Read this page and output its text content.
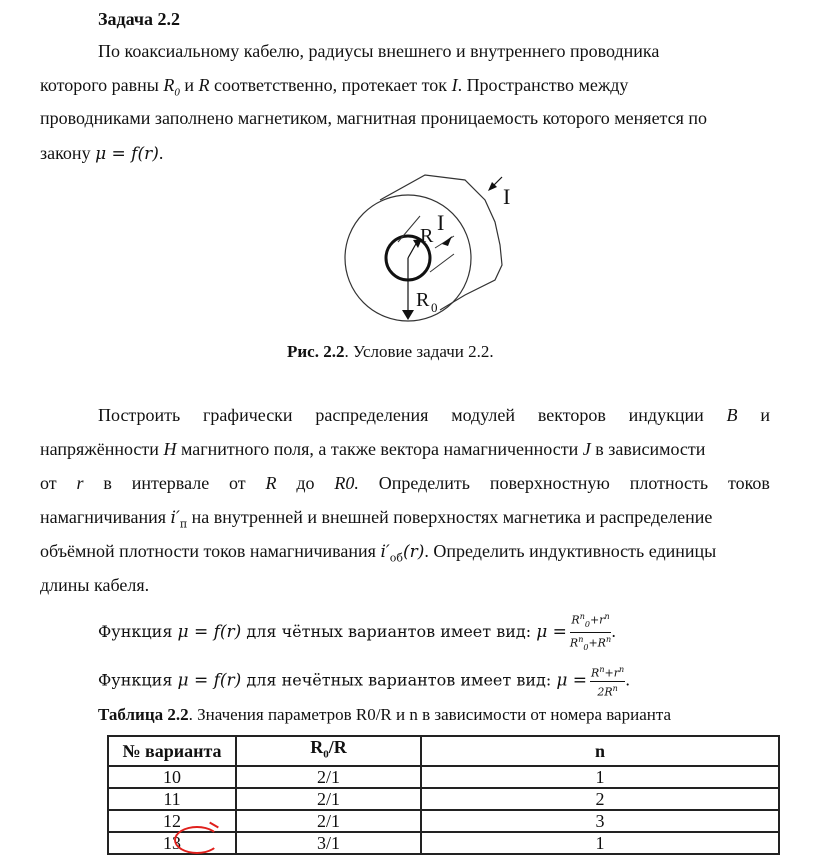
Задача 2.2
По коаксиальному кабелю, радиусы внешнего и внутреннего проводника
которого равны $R_0$ и R соответственно, протекает ток I. Пространство между
проводниками заполнено магнетиком, магнитная проницаемость которого меняется по
закону μ = f(r).
I
I
R
R 0
Рис. 2.2. Условие задачи 2.2.
Построить графически распределения модулей векторов индукции B и
напряжённости H магнитного поля, а также вектора намагниченности J в зависимости
от r в интервале от R до R0. Определить поверхностную плотность токов
намагничивания $i'_п$ на внутренней и внешней поверхностях магнетика и распределение
объёмной плотности токов намагничивания $i'_{об}(r)$. Определить индуктивность единицы
длины кабеля.
Функция μ = f(r) для чётных вариантов имеет вид: $\mu = \frac{R^n_0+r^n}{R^n_0+R^n}$ .
Функция μ = f(r) для нечётных вариантов имеет вид: $\mu = \frac{R^n+r^n}{2R^n}$ .
Таблица 2.2. Значения параметров R0/R и n в зависимости от номера варианта
№ варианта	$R_0/R$	n
10	2/1	1
11	2/1	2
12	2/1	3
13	3/1	1
